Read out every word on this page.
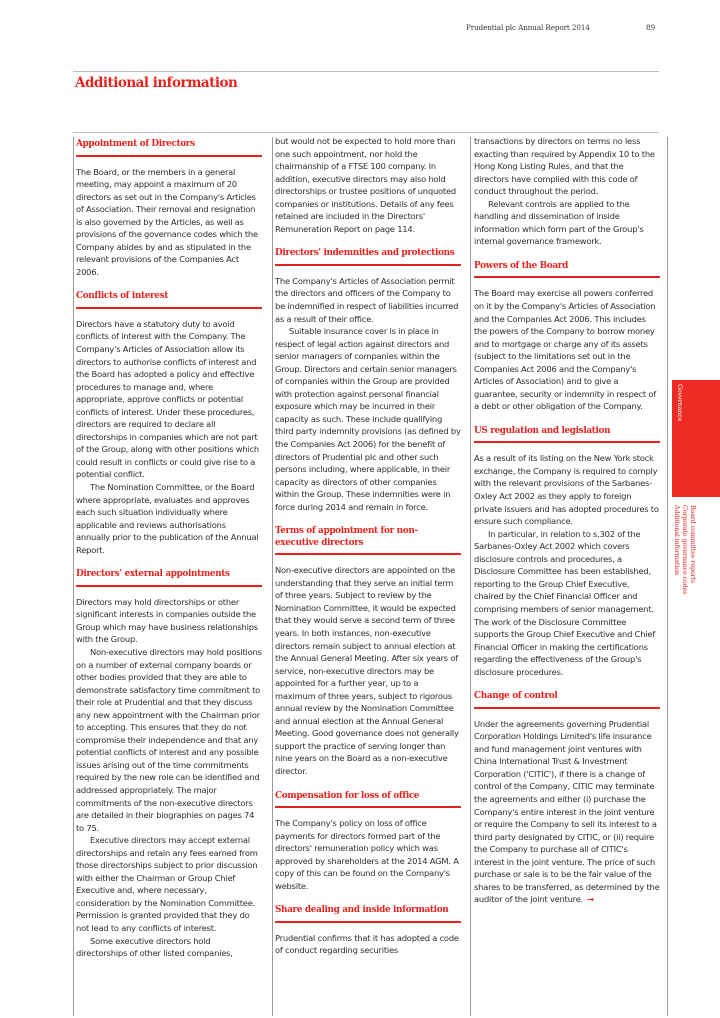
Prudential plc Annual Report 2014	89
Additional information
Appointment of Directors

The Board, or the members in a general meeting, may appoint a maximum of 20 directors as set out in the Company's Articles of Association. Their removal and resignation is also governed by the Articles, as well as provisions of the governance codes which the Company abides by and as stipulated in the relevant provisions of the Companies Act 2006.

Conflicts of interest

Directors have a statutory duty to avoid conflicts of interest with the Company. The Company's Articles of Association allow its directors to authorise conflicts of interest and the Board has adopted a policy and effective procedures to manage and, where appropriate, approve conflicts or potential conflicts of interest. Under these procedures, directors are required to declare all directorships in companies which are not part of the Group, along with other positions which could result in conflicts or could give rise to a potential conflict.

The Nomination Committee, or the Board where appropriate, evaluates and approves each such situation individually where applicable and reviews authorisations annually prior to the publication of the Annual Report.

Directors' external appointments

Directors may hold directorships or other significant interests in companies outside the Group which may have business relationships with the Group.

Non-executive directors may hold positions on a number of external company boards or other bodies provided that they are able to demonstrate satisfactory time commitment to their role at Prudential and that they discuss any new appointment with the Chairman prior to accepting. This ensures that they do not compromise their independence and that any potential conflicts of interest and any possible issues arising out of the time commitments required by the new role can be identified and addressed appropriately. The major commitments of the non-executive directors are detailed in their biographies on pages 74 to 75.

Executive directors may accept external directorships and retain any fees earned from those directorships subject to prior discussion with either the Chairman or Group Chief Executive and, where necessary, consideration by the Nomination Committee. Permission is granted provided that they do not lead to any conflicts of interest.

Some executive directors hold directorships of other listed companies,

but would not be expected to hold more than one such appointment, nor hold the chairmanship of a FTSE 100 company. In addition, executive directors may also hold directorships or trustee positions of unquoted companies or institutions. Details of any fees retained are included in the Directors' Remuneration Report on page 114.

Directors' indemnities and protections

The Company's Articles of Association permit the directors and officers of the Company to be indemnified in respect of liabilities incurred as a result of their office.

Suitable insurance cover is in place in respect of legal action against directors and senior managers of companies within the Group. Directors and certain senior managers of companies within the Group are provided with protection against personal financial exposure which may be incurred in their capacity as such. These include qualifying third party indemnity provisions (as defined by the Companies Act 2006) for the benefit of directors of Prudential plc and other such persons including, where applicable, in their capacity as directors of other companies within the Group. These indemnities were in force during 2014 and remain in force.

Terms of appointment for non-executive directors

Non-executive directors are appointed on the understanding that they serve an initial term of three years. Subject to review by the Nomination Committee, it would be expected that they would serve a second term of three years. In both instances, non-executive directors remain subject to annual election at the Annual General Meeting. After six years of service, non-executive directors may be appointed for a further year, up to a maximum of three years, subject to rigorous annual review by the Nomination Committee and annual election at the Annual General Meeting. Good governance does not generally support the practice of serving longer than nine years on the Board as a non-executive director.

Compensation for loss of office

The Company's policy on loss of office payments for directors formed part of the directors' remuneration policy which was approved by shareholders at the 2014 AGM. A copy of this can be found on the Company's website.

Share dealing and inside information

Prudential confirms that it has adopted a code of conduct regarding securities

transactions by directors on terms no less exacting than required by Appendix 10 to the Hong Kong Listing Rules, and that the directors have complied with this code of conduct throughout the period.

Relevant controls are applied to the handling and dissemination of inside information which form part of the Group's internal governance framework.

Powers of the Board

The Board may exercise all powers conferred on it by the Company's Articles of Association and the Companies Act 2006. This includes the powers of the Company to borrow money and to mortgage or charge any of its assets (subject to the limitations set out in the Companies Act 2006 and the Company's Articles of Association) and to give a guarantee, security or indemnity in respect of a debt or other obligation of the Company.

US regulation and legislation

As a result of its listing on the New York stock exchange, the Company is required to comply with the relevant provisions of the Sarbanes-Oxley Act 2002 as they apply to foreign private issuers and has adopted procedures to ensure such compliance.

In particular, in relation to s.302 of the Sarbanes-Oxley Act 2002 which covers disclosure controls and procedures, a Disclosure Committee has been established, reporting to the Group Chief Executive, chaired by the Chief Financial Officer and comprising members of senior management. The work of the Disclosure Committee supports the Group Chief Executive and Chief Financial Officer in making the certifications regarding the effectiveness of the Group's disclosure procedures.

Change of control

Under the agreements governing Prudential Corporation Holdings Limited's life insurance and fund management joint ventures with China International Trust & Investment Corporation ('CITIC'), if there is a change of control of the Company, CITIC may terminate the agreements and either (i) purchase the Company's entire interest in the joint venture or require the Company to sell its interest to a third party designated by CITIC, or (ii) require the Company to purchase all of CITIC's interest in the joint venture. The price of such purchase or sale is to be the fair value of the shares to be transferred, as determined by the auditor of the joint venture. →

Governance
Board committee reports
Corporate governance codes
Additional information
